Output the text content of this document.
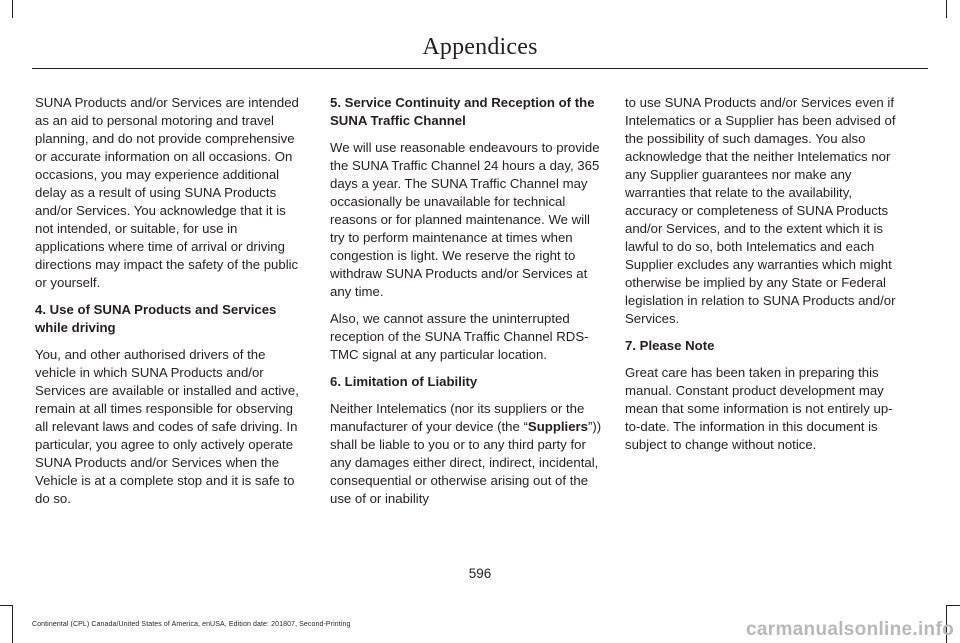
Appendices

SUNA Products and/or Services are intended as an aid to personal motoring and travel planning, and do not provide comprehensive or accurate information on all occasions. On occasions, you may experience additional delay as a result of using SUNA Products and/or Services. You acknowledge that it is not intended, or suitable, for use in applications where time of arrival or driving directions may impact the safety of the public or yourself.

4. Use of SUNA Products and Services while driving

You, and other authorised drivers of the vehicle in which SUNA Products and/or Services are available or installed and active, remain at all times responsible for observing all relevant laws and codes of safe driving. In particular, you agree to only actively operate SUNA Products and/or Services when the Vehicle is at a complete stop and it is safe to do so.

5. Service Continuity and Reception of the SUNA Traffic Channel

We will use reasonable endeavours to provide the SUNA Traffic Channel 24 hours a day, 365 days a year. The SUNA Traffic Channel may occasionally be unavailable for technical reasons or for planned maintenance. We will try to perform maintenance at times when congestion is light. We reserve the right to withdraw SUNA Products and/or Services at any time.

Also, we cannot assure the uninterrupted reception of the SUNA Traffic Channel RDS-TMC signal at any particular location.

6. Limitation of Liability

Neither Intelematics (nor its suppliers or the manufacturer of your device (the “Suppliers”)) shall be liable to you or to any third party for any damages either direct, indirect, incidental, consequential or otherwise arising out of the use of or inability

to use SUNA Products and/or Services even if Intelematics or a Supplier has been advised of the possibility of such damages. You also acknowledge that the neither Intelematics nor any Supplier guarantees nor make any warranties that relate to the availability, accuracy or completeness of SUNA Products and/or Services, and to the extent which it is lawful to do so, both Intelematics and each Supplier excludes any warranties which might otherwise be implied by any State or Federal legislation in relation to SUNA Products and/or Services.

7. Please Note

Great care has been taken in preparing this manual. Constant product development may mean that some information is not entirely up-to-date. The information in this document is subject to change without notice.

596
Continental (CPL) Canada/United States of America, enUSA, Edition date: 201807, Second-Printing	carmanualsonline.info
